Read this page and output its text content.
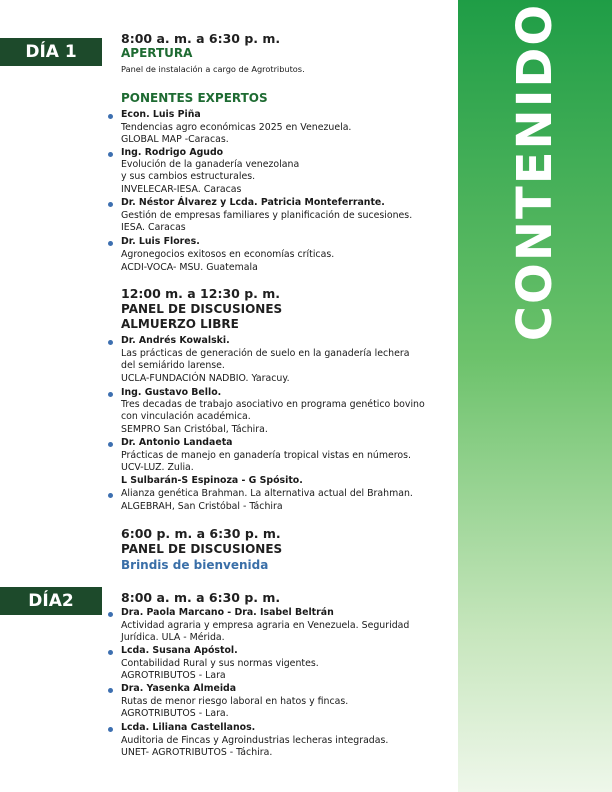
CONTENIDO
DÍA 1
8:00 a. m. a 6:30 p. m.
APERTURA
Panel de instalación a cargo de Agrotributos.
PONENTES EXPERTOS
Econ. Luis Piña
Tendencias agro económicas 2025 en Venezuela.
GLOBAL MAP -Caracas.
Ing. Rodrigo Agudo
Evolución de la ganadería venezolana
y sus cambios estructurales.
INVELECAR-IESA. Caracas
Dr. Néstor Álvarez y Lcda. Patricia Monteferrante.
Gestión de empresas familiares y planificación de sucesiones.
IESA. Caracas
Dr. Luis Flores.
Agronegocios exitosos en economías críticas.
ACDI-VOCA- MSU. Guatemala
12:00 m. a 12:30 p. m.
PANEL DE DISCUSIONES
ALMUERZO LIBRE
Dr. Andrés Kowalski.
Las prácticas de generación de suelo en la ganadería lechera
del semiárido larense.
UCLA-FUNDACIÓN NADBIO. Yaracuy.
Ing. Gustavo Bello.
Tres decadas de trabajo asociativo en programa genético bovino
con vinculación académica.
SEMPRO San Cristóbal, Táchira.
Dr. Antonio Landaeta
Prácticas de manejo en ganadería tropical vistas en números.
UCV-LUZ. Zulia.
L Sulbarán-S Espinoza - G Spósito.
Alianza genética Brahman. La alternativa actual del Brahman.
ALGEBRAH, San Cristóbal - Táchira
6:00 p. m. a 6:30 p. m.
PANEL DE DISCUSIONES
Brindis de bienvenida
DÍA2	8:00 a. m. a 6:30 p. m.
Dra. Paola Marcano - Dra. Isabel Beltrán
Actividad agraria y empresa agraria en Venezuela. Seguridad
Jurídica. ULA - Mérida.
Lcda. Susana Apóstol.
Contabilidad Rural y sus normas vigentes.
AGROTRIBUTOS - Lara
Dra. Yasenka Almeida
Rutas de menor riesgo laboral en hatos y fincas.
AGROTRIBUTOS - Lara.
Lcda. Liliana Castellanos.
Auditoria de Fincas y Agroindustrias lecheras integradas.
UNET- AGROTRIBUTOS - Táchira.
